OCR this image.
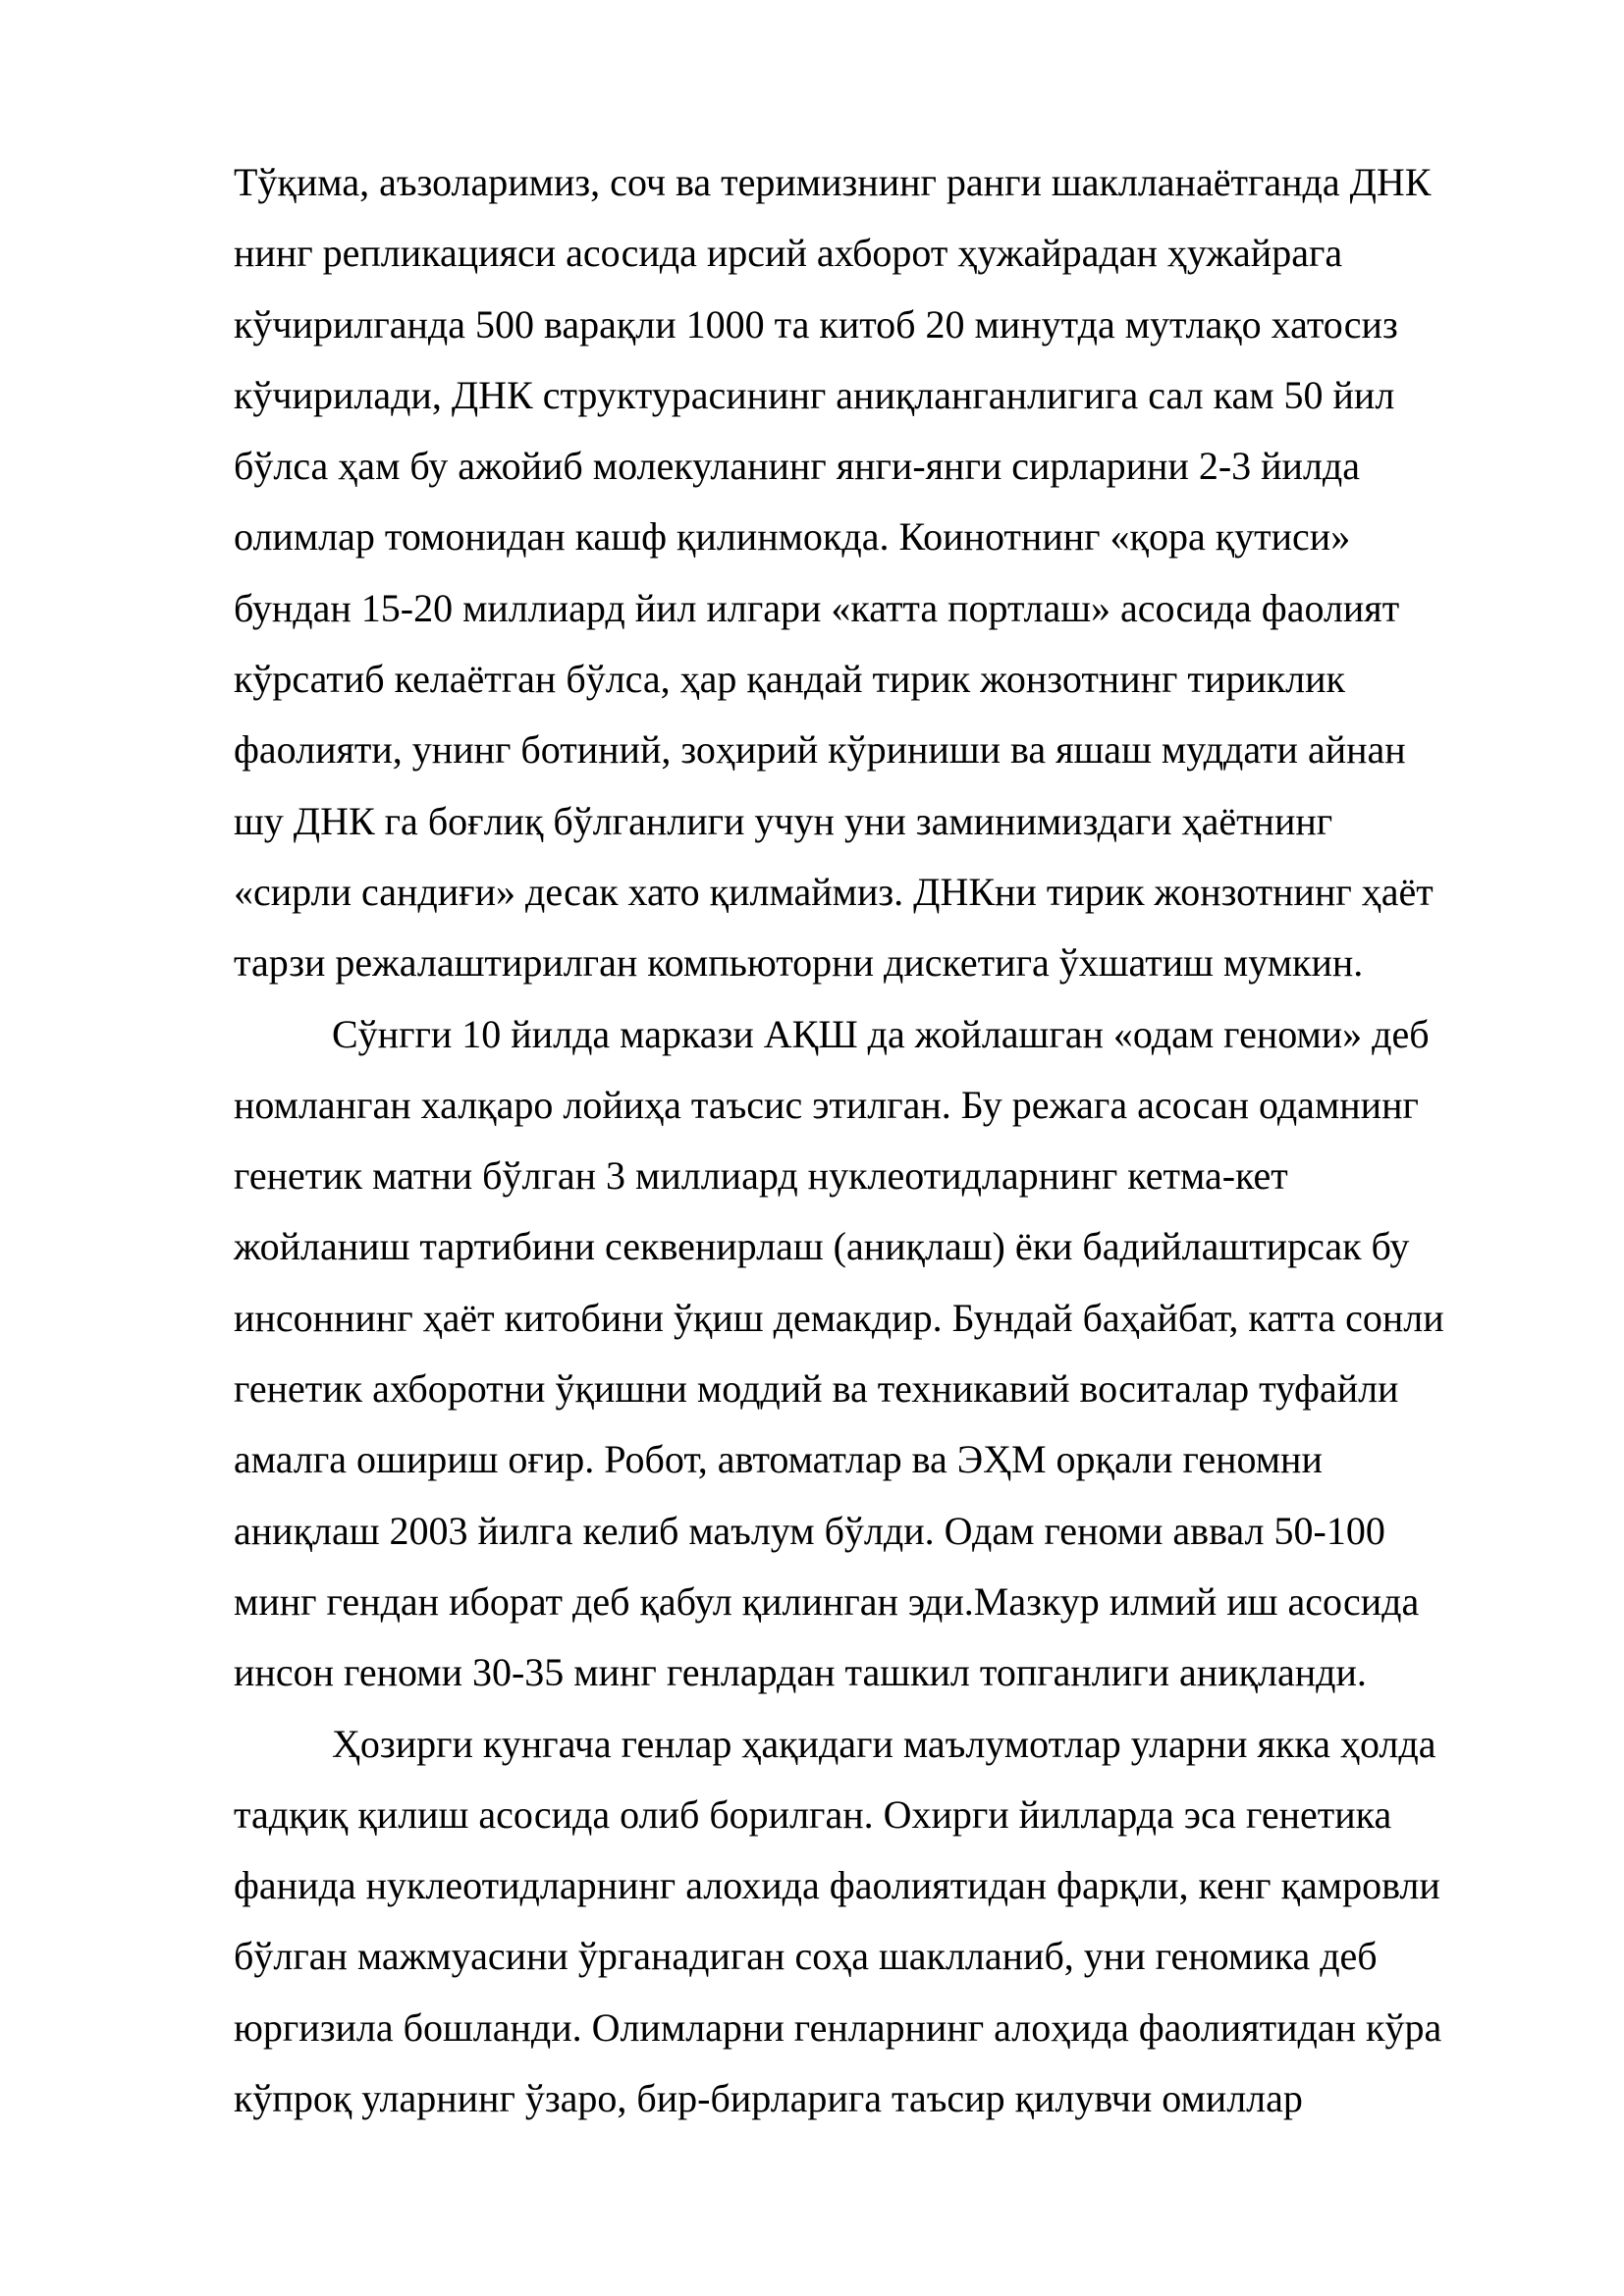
Тўқима, аъзоларимиз, соч ва теримизнинг ранги шаклланаётганда ДНК
нинг репликацияси асосида ирсий ахборот ҳужайрадан ҳужайрага
кўчирилганда 500 варақли 1000 та китоб 20 минутда мутлақо хатосиз
кўчирилади, ДНК структурасининг аниқланганлигига сал кам 50 йил
бўлса ҳам бу ажойиб молекуланинг янги-янги сирларини 2-3 йилда
олимлар томонидан кашф қилинмокда. Коинотнинг «қора қутиси»
бундан 15-20 миллиард йил илгари «катта портлаш» асосида фаолият
кўрсатиб келаётган бўлса, ҳар қандай тирик жонзотнинг тириклик
фаолияти, унинг ботиний, зоҳирий кўриниши ва яшаш муддати айнан
шу ДНК га боғлиқ бўлганлиги учун уни заминимиздаги ҳаётнинг
«сирли сандиғи» десак хато қилмаймиз. ДНКни тирик жонзотнинг ҳаёт
тарзи режалаштирилган компьюторни дискетига ўхшатиш мумкин.
Сўнгги 10 йилда маркази АҚШ да жойлашган «одам геноми» деб
номланган халқаро лойиҳа таъсис этилган. Бу режага асосан одамнинг
генетик матни бўлган 3 миллиард нуклеотидларнинг кетма-кет
жойланиш тартибини секвенирлаш (аниқлаш) ёки бадийлаштирсак бу
инсоннинг ҳаёт китобини ўқиш демакдир. Бундай баҳайбат, катта сонли
генетик ахборотни ўқишни моддий ва техникавий воситалар туфайли
амалга ошириш оғир. Робот, автоматлар ва ЭҲМ орқали геномни
аниқлаш 2003 йилга келиб маълум бўлди. Одам геноми аввал 50-100
минг гендан иборат деб қабул қилинган эди.Мазкур илмий иш асосида
инсон геноми 30-35 минг генлардан ташкил топганлиги аниқланди.
Ҳозирги кунгача генлар ҳақидаги маълумотлар уларни якка ҳолда
тадқиқ қилиш асосида олиб борилган. Охирги йилларда эса генетика
фанида нуклеотидларнинг алохида фаолиятидан фарқли, кенг қамровли
бўлган мажмуасини ўрганадиган соҳа шаклланиб, уни геномика деб
юргизила бошланди. Олимларни генларнинг алоҳида фаолиятидан кўра
кўпроқ уларнинг ўзаро, бир-бирларига таъсир қилувчи омиллар
